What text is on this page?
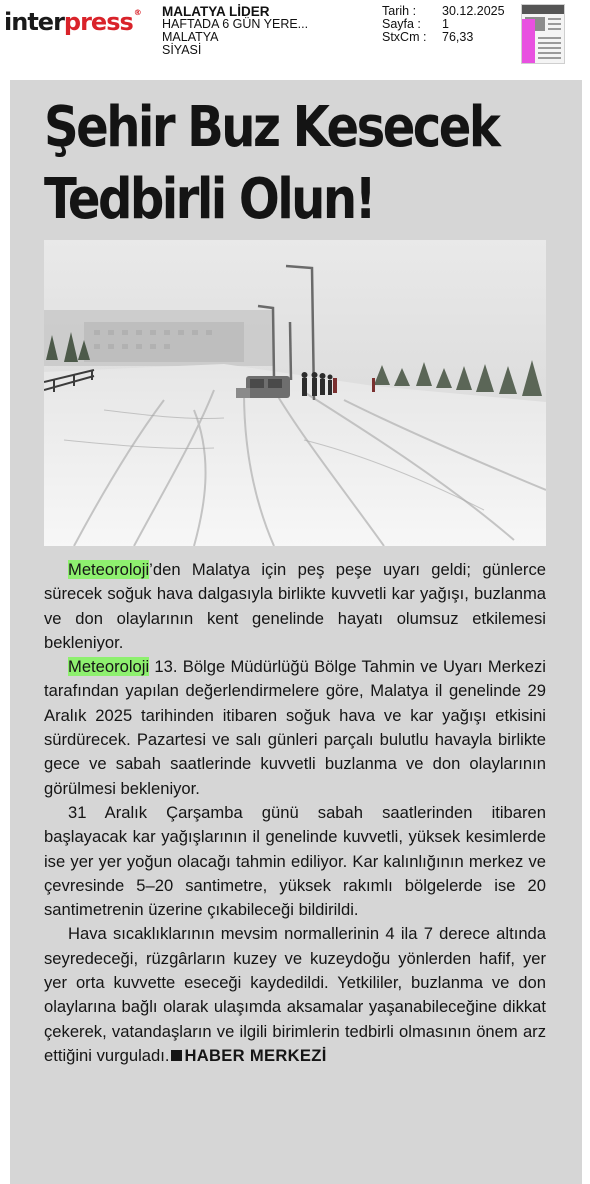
interpress® MALATYA LİDER
HAFTADA 6 GÜN YERE...
MALATYA
SİYASİ
Tarih :	30.12.2025
Sayfa :	1
StxCm :	76,33
Şehir Buz Kesecek
Tedbirli Olun!

Meteoroloji’den Malatya için peş peşe uyarı geldi; günlerce sürecek soğuk hava dalgasıyla birlikte kuvvetli kar yağışı, buzlanma ve don olaylarının kent genelinde hayatı olumsuz etkilemesi bekleniyor.

Meteoroloji 13. Bölge Müdürlüğü Bölge Tahmin ve Uyarı Merkezi tarafından yapılan değerlendirmelere göre, Malatya il genelinde 29 Aralık 2025 tarihinden itibaren soğuk hava ve kar yağışı etkisini sürdürecek. Pazartesi ve salı günleri parçalı bulutlu havayla birlikte gece ve sabah saatlerinde kuvvetli buzlanma ve don olaylarının görülmesi bekleniyor.

31 Aralık Çarşamba günü sabah saatlerinden itibaren başlayacak kar yağışlarının il genelinde kuvvetli, yüksek kesimlerde ise yer yer yoğun olacağı tahmin ediliyor. Kar kalınlığının merkez ve çevresinde 5–20 santimetre, yüksek rakımlı bölgelerde ise 20 santimetrenin üzerine çıkabileceği bildirildi.

Hava sıcaklıklarının mevsim normallerinin 4 ila 7 derece altında seyredeceği, rüzgârların kuzey ve kuzeydoğu yönlerden hafif, yer yer orta kuvvette eseceği kaydedildi. Yetkililer, buzlanma ve don olaylarına bağlı olarak ulaşımda aksamalar yaşanabileceğine dikkat çekerek, vatandaşların ve ilgili birimlerin tedbirli olmasının önem arz ettiğini vurguladı. HABER MERKEZİ
